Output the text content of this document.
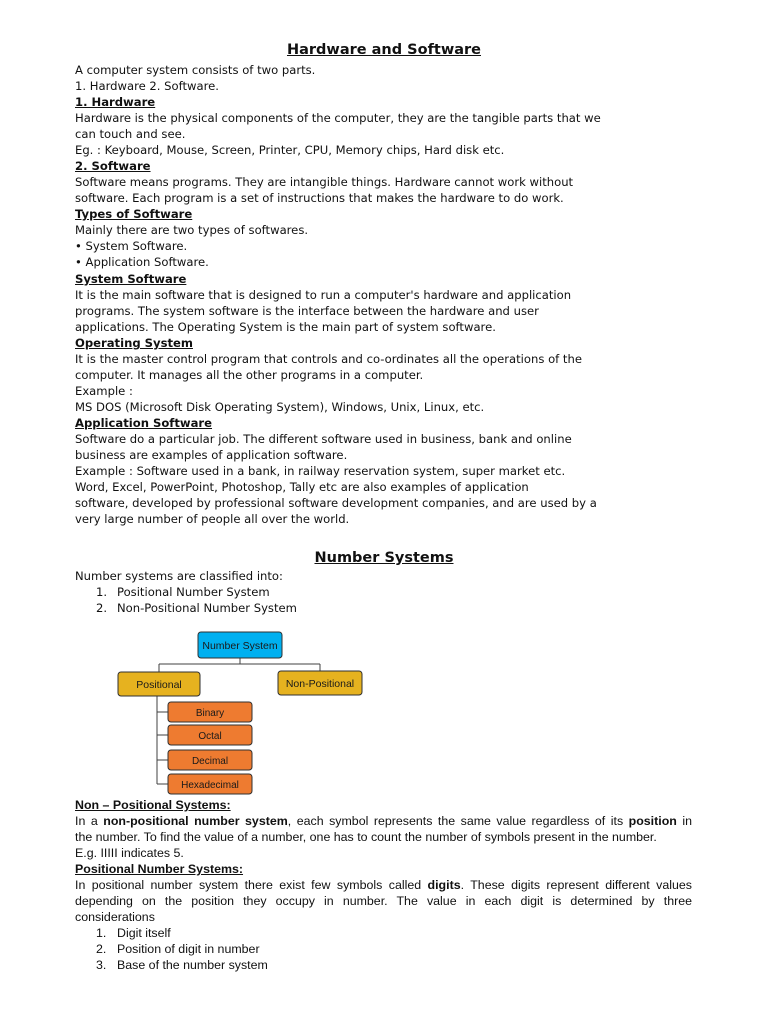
Hardware and Software
A computer system consists of two parts.
1. Hardware 2. Software.
1. Hardware
Hardware is the physical components of the computer, they are the tangible parts that we
can touch and see.
Eg. : Keyboard, Mouse, Screen, Printer, CPU, Memory chips, Hard disk etc.
2. Software
Software means programs. They are intangible things. Hardware cannot work without
software. Each program is a set of instructions that makes the hardware to do work.
Types of Software
Mainly there are two types of softwares.
• System Software.
• Application Software.
System Software
It is the main software that is designed to run a computer's hardware and application
programs. The system software is the interface between the hardware and user
applications. The Operating System is the main part of system software.
Operating System
It is the master control program that controls and co-ordinates all the operations of the
computer. It manages all the other programs in a computer.
Example :
MS DOS (Microsoft Disk Operating System), Windows, Unix, Linux, etc.
Application Software
Software do a particular job. The different software used in business, bank and online
business are examples of application software.
Example : Software used in a bank, in railway reservation system, super market etc.
Word, Excel, PowerPoint, Photoshop, Tally etc are also examples of application
software, developed by professional software development companies, and are used by a
very large number of people all over the world.
Number Systems
Number systems are classified into:
1. Positional Number System
2. Non-Positional Number System
Number System
Positional	Non-Positional
Binary
Octal
Decimal
Hexadecimal
Non – Positional Systems:
In a non-positional number system, each symbol represents the same value regardless of its position in
the number. To find the value of a number, one has to count the number of symbols present in the number.
E.g. IIIII indicates 5.
Positional Number Systems:
In positional number system there exist few symbols called digits. These digits represent different values
depending on the position they occupy in number. The value in each digit is determined by three
considerations
1. Digit itself
2. Position of digit in number
3. Base of the number system
